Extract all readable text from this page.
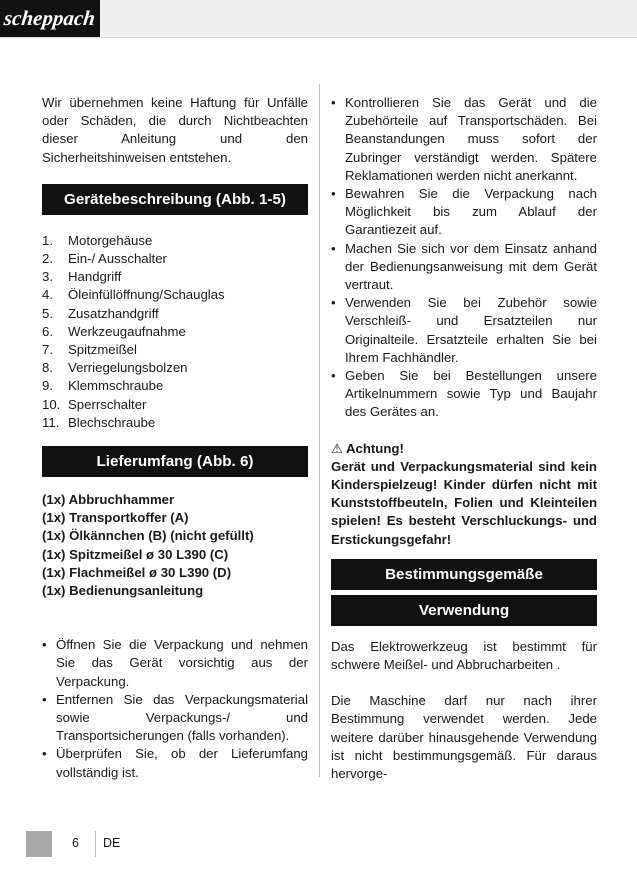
scheppach

Wir übernehmen keine Haftung für Unfälle oder Schäden, die durch Nichtbeachten dieser Anleitung und den Sicherheitshinweisen entstehen.

Gerätebeschreibung (Abb. 1-5)
1.	Motorgehäuse
2.	Ein-/ Ausschalter
3.	Handgriff
4.	Öleinfüllöffnung/Schauglas
5.	Zusatzhandgriff
6.	Werkzeugaufnahme
7.	Spitzmeißel
8.	Verriegelungsbolzen
9.	Klemmschraube
10. Sperrschalter
11. Blechschraube
Lieferumfang (Abb. 6)
(1x) Abbruchhammer
(1x) Transportkoffer (A)
(1x) Ölkännchen (B) (nicht gefüllt)
(1x) Spitzmeißel ø 30 L390 (C)
(1x) Flachmeißel ø 30 L390 (D)
(1x) Bedienungsanleitung
• Öffnen Sie die Verpackung und nehmen Sie das Gerät vorsichtig aus der Verpackung.
• Entfernen Sie das Verpackungsmaterial sowie Verpackungs-/ und Transportsicherungen (falls vorhanden).
• Überprüfen Sie, ob der Lieferumfang vollständig ist.
• Kontrollieren Sie das Gerät und die Zubehörteile auf Transportschäden. Bei Beanstandungen muss sofort der Zubringer verständigt werden. Spätere Reklamationen werden nicht anerkannt.
• Bewahren Sie die Verpackung nach Möglichkeit bis zum Ablauf der Garantiezeit auf.
• Machen Sie sich vor dem Einsatz anhand der Bedienungsanweisung mit dem Gerät vertraut.
• Verwenden Sie bei Zubehör sowie Verschleiß- und Ersatzteilen nur Originalteile. Ersatzteile erhalten Sie bei Ihrem Fachhändler.
• Geben Sie bei Bestellungen unsere Artikelnummern sowie Typ und Baujahr des Gerätes an.
⚠ Achtung!

Gerät und Verpackungsmaterial sind kein Kinderspielzeug! Kinder dürfen nicht mit Kunststoffbeuteln, Folien und Kleinteilen spielen! Es besteht Verschluckungs- und Erstickungsgefahr!

Bestimmungsgemäße
Verwendung

Das Elektrowerkzeug ist bestimmt für schwere Meißel- und Abbrucharbeiten .

Die Maschine darf nur nach ihrer Bestimmung verwendet werden. Jede weitere darüber hinausgehende Verwendung ist nicht bestimmungsgemäß. Für daraus hervorge-

6 DE
